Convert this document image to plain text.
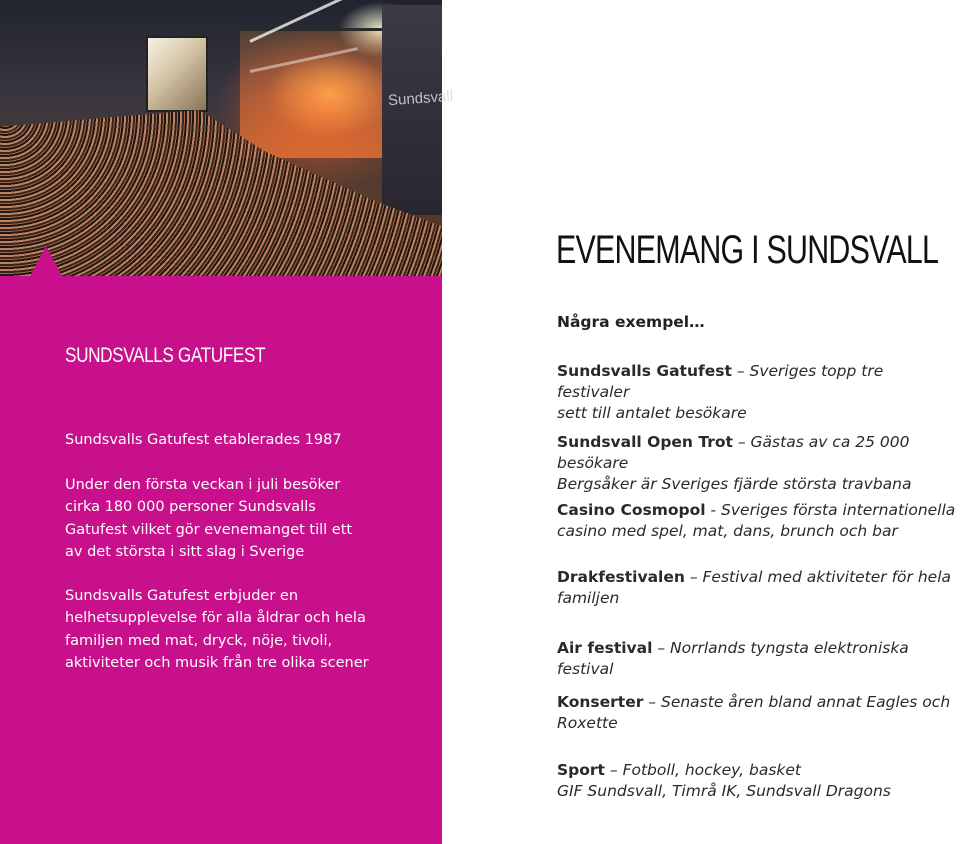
Sundsvall
SUNDSVALLS GATUFEST
Sundsvalls Gatufest etablerades 1987
Under den första veckan i juli besöker
cirka 180 000 personer Sundsvalls
Gatufest vilket gör evenemanget till ett
av det största i sitt slag i Sverige
Sundsvalls Gatufest erbjuder en
helhetsupplevelse för alla åldrar och hela
familjen med mat, dryck, nöje, tivoli,
aktiviteter och musik från tre olika scener
EVENEMANG I SUNDSVALL
Några exempel…
Sundsvalls Gatufest – Sveriges topp tre festivaler
sett till antalet besökare
Sundsvall Open Trot – Gästas av ca 25 000 besökare
Bergsåker är Sveriges fjärde största travbana
Casino Cosmopol - Sveriges första internationella
casino med spel, mat, dans, brunch och bar
Drakfestivalen – Festival med aktiviteter för hela
familjen
Air festival – Norrlands tyngsta elektroniska festival
Konserter – Senaste åren bland annat Eagles och
Roxette
Sport – Fotboll, hockey, basket
GIF Sundsvall, Timrå IK, Sundsvall Dragons
